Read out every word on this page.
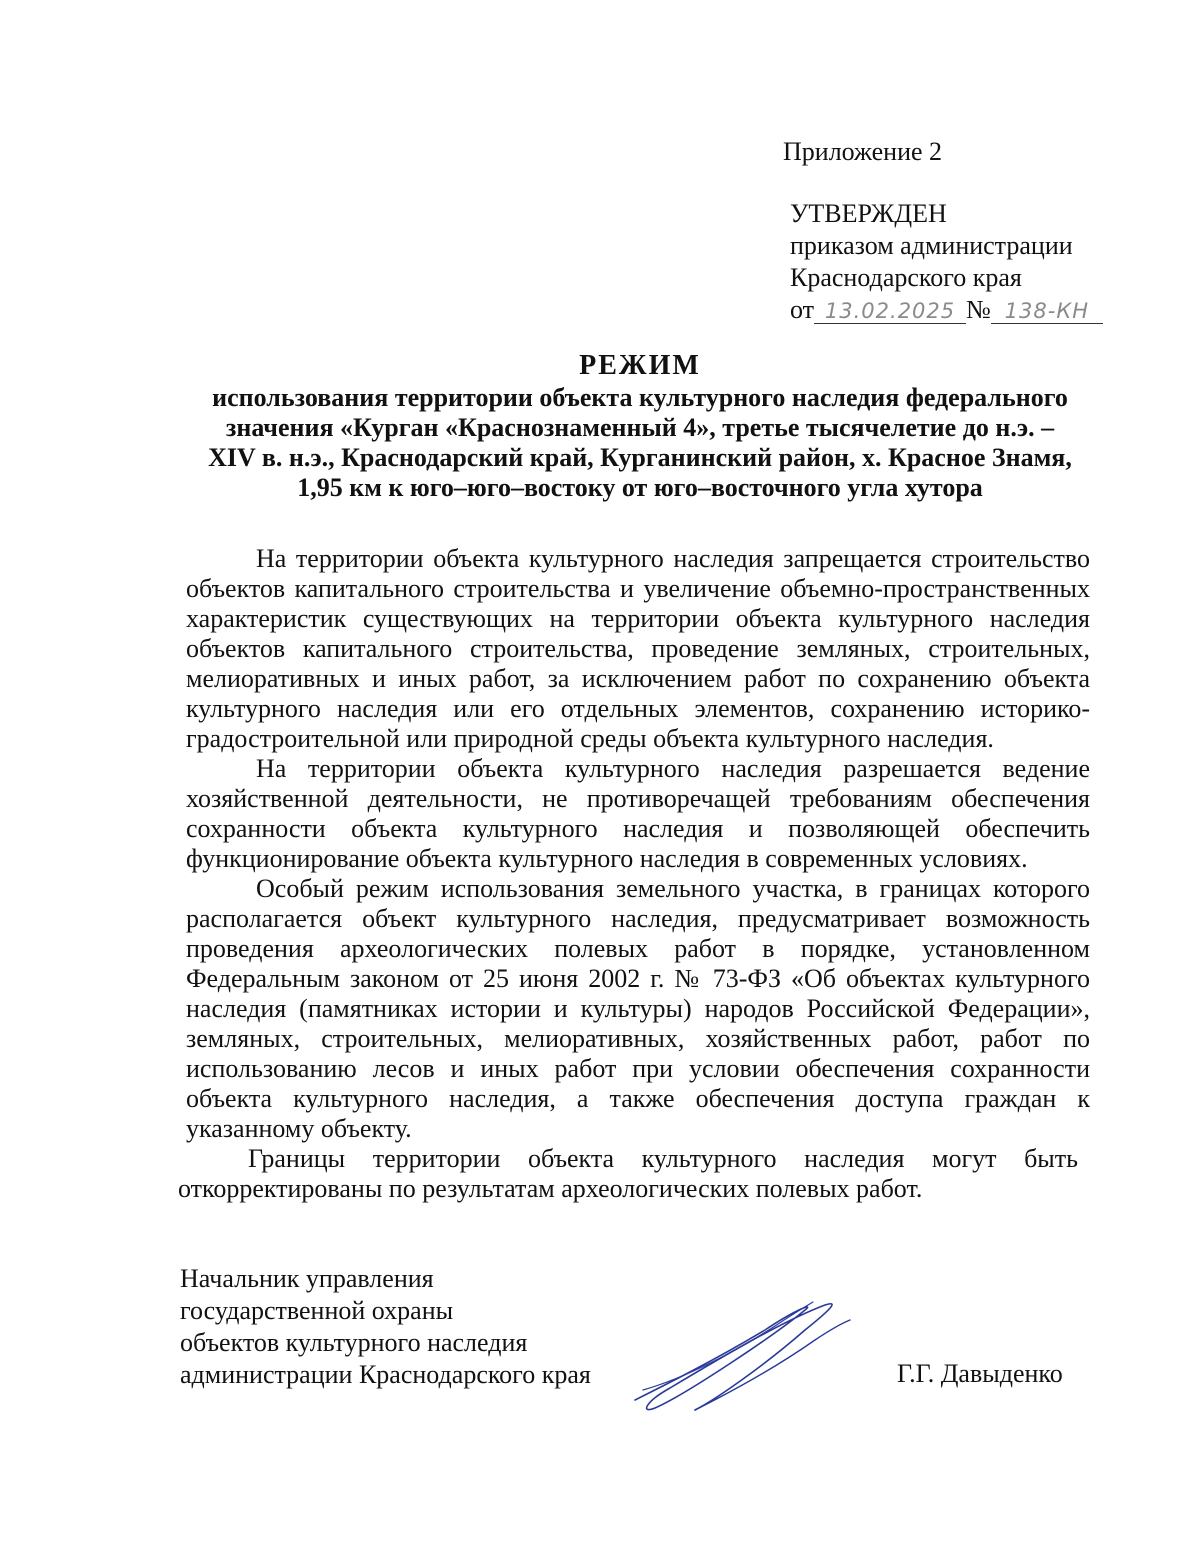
Приложение 2
УТВЕРЖДЕН
приказом администрации
Краснодарского края
от 13.02.2025 № 138-КН
РЕЖИМ
использования территории объекта культурного наследия федерального
значения «Курган «Краснознаменный 4», третье тысячелетие до н.э. –
XIV в. н.э., Краснодарский край, Курганинский район, х. Красное Знамя,
1,95 км к юго–юго–востоку от юго–восточного угла хутора

На территории объекта культурного наследия запрещается строительство объектов капитального строительства и увеличение объемно-пространственных характеристик существующих на территории объекта культурного наследия объектов капитального строительства, проведение земляных, строительных, мелиоративных и иных работ, за исключением работ по сохранению объекта культурного наследия или его отдельных элементов, сохранению историко-градостроительной или природной среды объекта культурного наследия.

На территории объекта культурного наследия разрешается ведение хозяйственной деятельности, не противоречащей требованиям обеспечения сохранности объекта культурного наследия и позволяющей обеспечить функционирование объекта культурного наследия в современных условиях.

Особый режим использования земельного участка, в границах которого располагается объект культурного наследия, предусматривает возможность проведения археологических полевых работ в порядке, установленном Федеральным законом от 25 июня 2002 г. № 73-ФЗ «Об объектах культурного наследия (памятниках истории и культуры) народов Российской Федерации», земляных, строительных, мелиоративных, хозяйственных работ, работ по использованию лесов и иных работ при условии обеспечения сохранности объекта культурного наследия, а также обеспечения доступа граждан к указанному объекту.

Границы территории объекта культурного наследия могут быть откорректированы по результатам археологических полевых работ.

Начальник управления
государственной охраны
объектов культурного наследия
администрации Краснодарского края	Г.Г. Давыденко
